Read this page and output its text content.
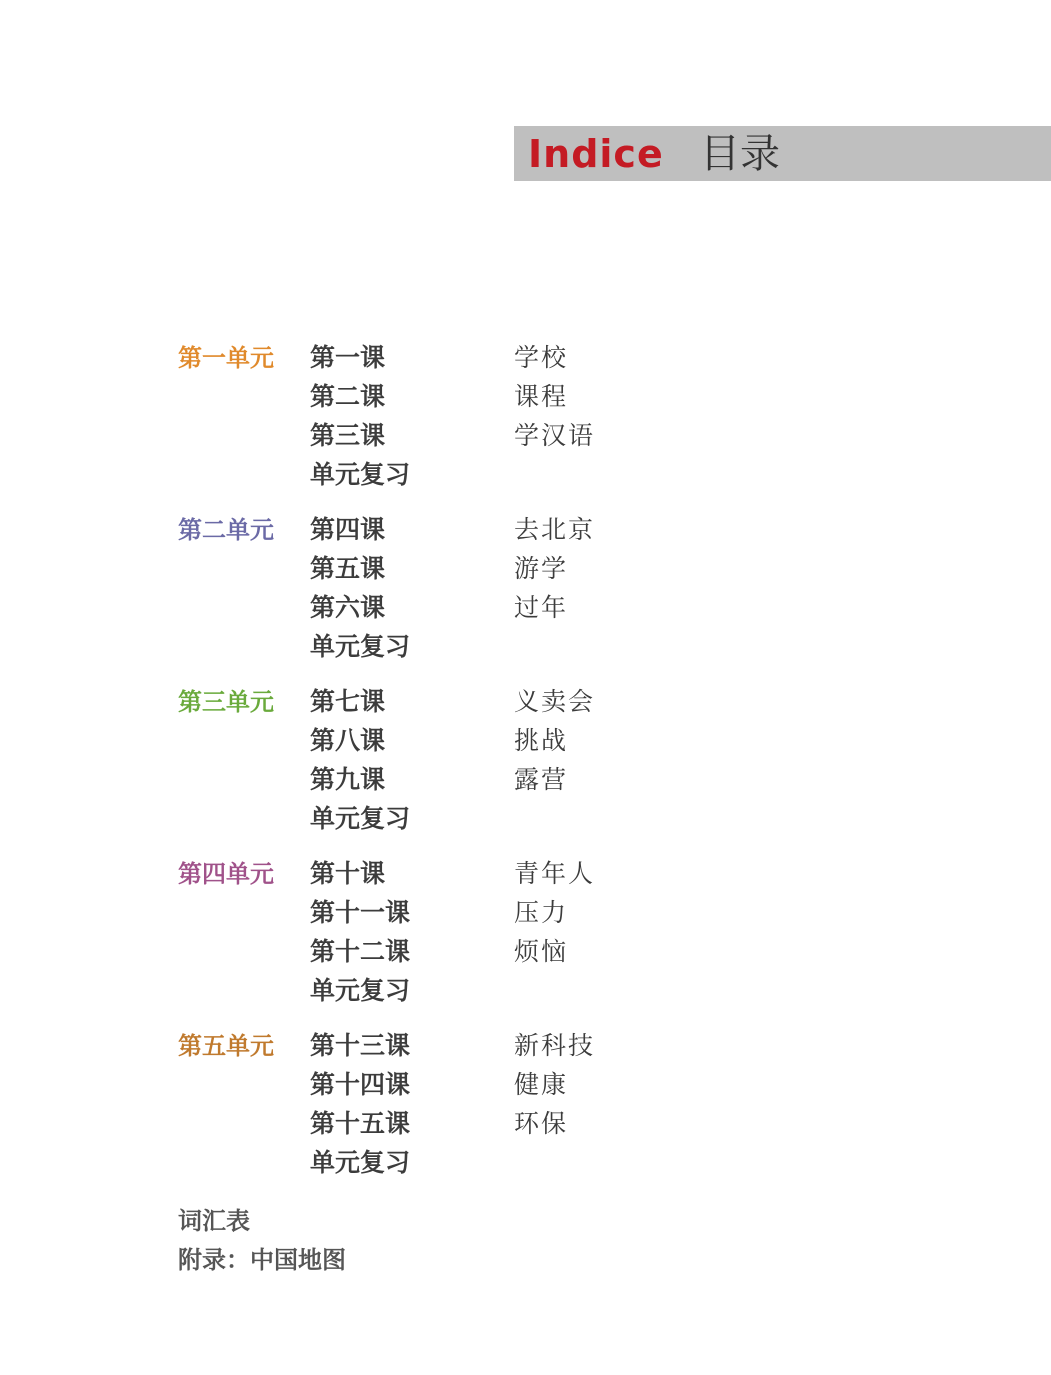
Indice 目录
第一单元 第一课	学校
第二课	课程
第三课	学汉语
单元复习
第二单元 第四课	去北京
第五课	游学
第六课	过年
单元复习
第三单元 第七课	义卖会
第八课	挑战
第九课	露营
单元复习
第四单元 第十课	青年人
第十一课	压力
第十二课	烦恼
单元复习
第五单元 第十三课	新科技
第十四课	健康
第十五课	环保
单元复习
词汇表
附录：中国地图
